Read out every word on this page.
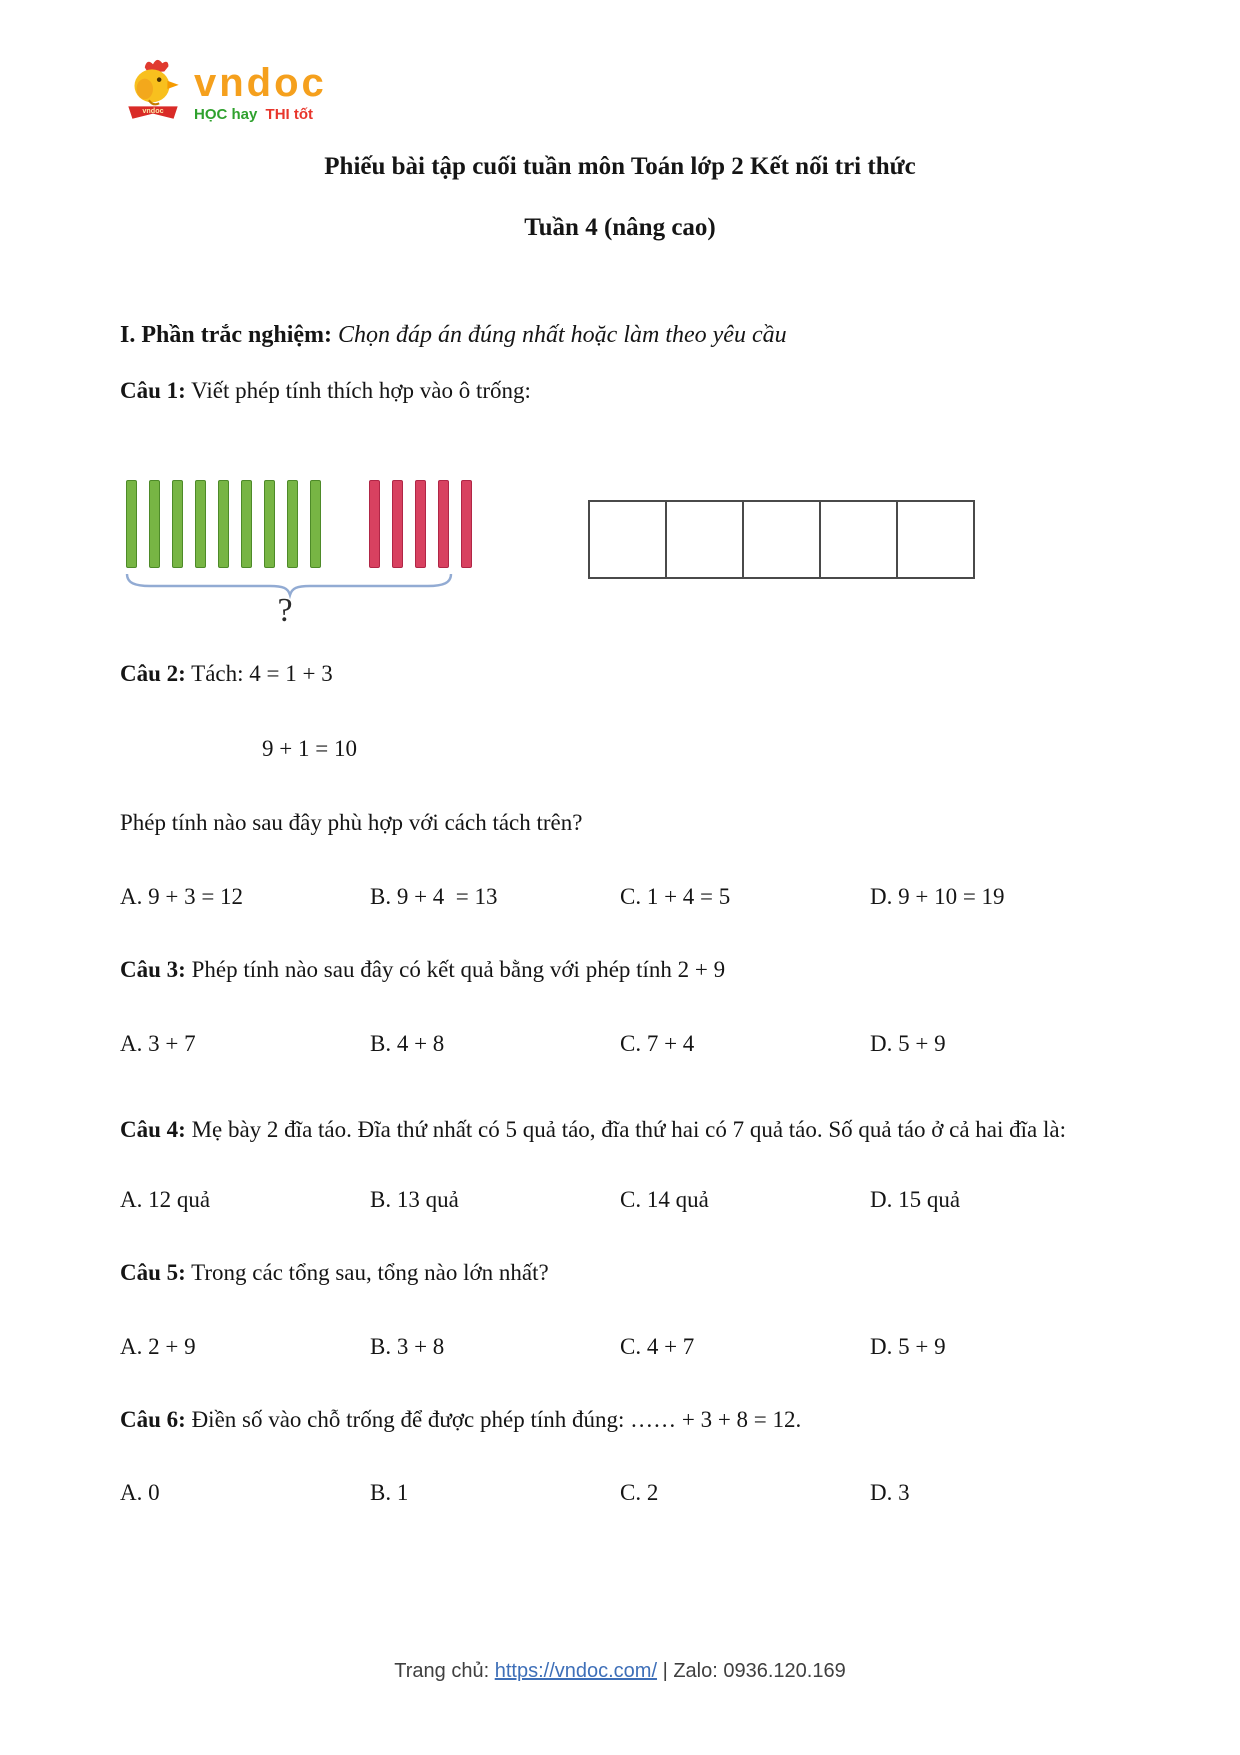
vndoc
vndoc
HỌC hay THI tốt
Phiếu bài tập cuối tuần môn Toán lớp 2 Kết nối tri thức
Tuần 4 (nâng cao)

I. Phần trắc nghiệm: Chọn đáp án đúng nhất hoặc làm theo yêu cầu

Câu 1: Viết phép tính thích hợp vào ô trống:

?

Câu 2: Tách: 4 = 1 + 3

9 + 1 = 10

Phép tính nào sau đây phù hợp với cách tách trên?

A. 9 + 3 = 12	B. 9 + 4  = 13	C. 1 + 4 = 5	D. 9 + 10 = 19

Câu 3: Phép tính nào sau đây có kết quả bằng với phép tính 2 + 9

A. 3 + 7	B. 4 + 8	C. 7 + 4	D. 5 + 9

Câu 4: Mẹ bày 2 đĩa táo. Đĩa thứ nhất có 5 quả táo, đĩa thứ hai có 7 quả táo. Số quả táo ở cả hai đĩa là:

A. 12 quả	B. 13 quả	C. 14 quả	D. 15 quả

Câu 5: Trong các tổng sau, tổng nào lớn nhất?

A. 2 + 9	B. 3 + 8	C. 4 + 7	D. 5 + 9

Câu 6: Điền số vào chỗ trống để được phép tính đúng: …… + 3 + 8 = 12.

A. 0	B. 1	C. 2	D. 3
Trang chủ: https://vndoc.com/ | Zalo: 0936.120.169
